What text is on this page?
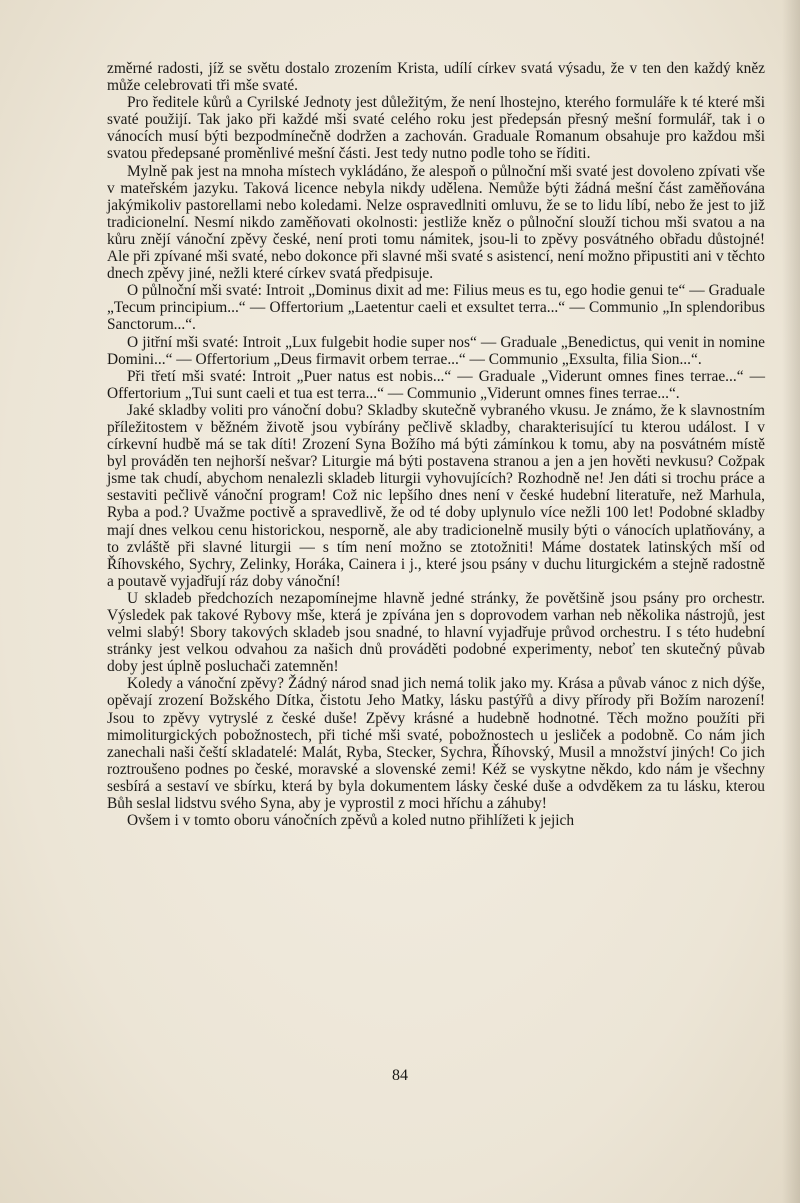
změrné radosti, jíž se světu dostalo zrozením Krista, udílí církev svatá výsadu, že v ten den každý kněz může celebrovati tři mše svaté.

Pro ředitele kůrů a Cyrilské Jednoty jest důležitým, že není lhostejno, kterého formuláře k té které mši svaté použijí. Tak jako při každé mši svaté celého roku jest předepsán přesný mešní formulář, tak i o vánocích musí býti bezpodmínečně dodržen a zachován. Graduale Romanum obsahuje pro každou mši svatou předepsané proměnlivé mešní části. Jest tedy nutno podle toho se říditi.

Mylně pak jest na mnoha místech vykládáno, že alespoň o půlnoční mši svaté jest dovoleno zpívati vše v mateřském jazyku. Taková licence nebyla nikdy udělena. Nemůže býti žádná mešní část zaměňována jakýmikoliv pastorellami nebo koledami. Nelze ospravedlniti omluvu, že se to lidu líbí, nebo že jest to již tradicionelní. Nesmí nikdo zaměňovati okolnosti: jestliže kněz o půlnoční slouží tichou mši svatou a na kůru znějí vánoční zpěvy české, není proti tomu námitek, jsou-li to zpěvy posvátného obřadu důstojné! Ale při zpívané mši svaté, nebo dokonce při slavné mši svaté s asistencí, není možno připustiti ani v těchto dnech zpěvy jiné, nežli které církev svatá předpisuje.

O půlnoční mši svaté: Introit „Dominus dixit ad me: Filius meus es tu, ego hodie genui te“ — Graduale „Tecum principium...“ — Offertorium „Laetentur caeli et exsultet terra...“ — Communio „In splendoribus Sanctorum...“.

O jitřní mši svaté: Introit „Lux fulgebit hodie super nos“ — Graduale „Benedictus, qui venit in nomine Domini...“ — Offertorium „Deus firmavit orbem terrae...“ — Communio „Exsulta, filia Sion...“.

Při třetí mši svaté: Introit „Puer natus est nobis...“ — Graduale „Viderunt omnes fines terrae...“ — Offertorium „Tui sunt caeli et tua est terra...“ — Communio „Viderunt omnes fines terrae...“.

Jaké skladby voliti pro vánoční dobu? Skladby skutečně vybraného vkusu. Je známo, že k slavnostním příležitostem v běžném životě jsou vybírány pečlivě skladby, charakterisující tu kterou událost. I v církevní hudbě má se tak díti! Zrození Syna Božího má býti zámínkou k tomu, aby na posvátném místě byl prováděn ten nejhorší nešvar? Liturgie má býti postavena stranou a jen a jen hověti nevkusu? Cožpak jsme tak chudí, abychom nenalezli skladeb liturgii vyhovujících? Rozhodně ne! Jen dáti si trochu práce a sestaviti pečlivě vánoční program! Což nic lepšího dnes není v české hudební literatuře, než Marhula, Ryba a pod.? Uvažme poctivě a spravedlivě, že od té doby uplynulo více nežli 100 let! Podobné skladby mají dnes velkou cenu historickou, nesporně, ale aby tradicionelně musily býti o vánocích uplatňovány, a to zvláště při slavné liturgii — s tím není možno se ztotožniti! Máme dostatek latinských mší od Říhovského, Sychry, Zelinky, Horáka, Cainera i j., které jsou psány v duchu liturgickém a stejně radostně a poutavě vyjadřují ráz doby vánoční!

U skladeb předchozích nezapomínejme hlavně jedné stránky, že povětšině jsou psány pro orchestr. Výsledek pak takové Rybovy mše, která je zpívána jen s doprovodem varhan neb několika nástrojů, jest velmi slabý! Sbory takových skladeb jsou snadné, to hlavní vyjadřuje průvod orchestru. I s této hudební stránky jest velkou odvahou za našich dnů prováděti podobné experimenty, neboť ten skutečný půvab doby jest úplně posluchači zatemněn!

Koledy a vánoční zpěvy? Žádný národ snad jich nemá tolik jako my. Krása a půvab vánoc z nich dýše, opěvají zrození Božského Dítka, čistotu Jeho Matky, lásku pastýřů a divy přírody při Božím narození! Jsou to zpěvy vytryslé z české duše! Zpěvy krásné a hudebně hodnotné. Těch možno použíti při mimoliturgických pobožnostech, při tiché mši svaté, pobožnostech u jesliček a podobně. Co nám jich zanechali naši čeští skladatelé: Malát, Ryba, Stecker, Sychra, Říhovský, Musil a množství jiných! Co jich roztroušeno podnes po české, moravské a slovenské zemi! Kéž se vyskytne někdo, kdo nám je všechny sesbírá a sestaví ve sbírku, která by byla dokumentem lásky české duše a odvděkem za tu lásku, kterou Bůh seslal lidstvu svého Syna, aby je vyprostil z moci hříchu a záhuby!

Ovšem i v tomto oboru vánočních zpěvů a koled nutno přihlížeti k jejich

84
